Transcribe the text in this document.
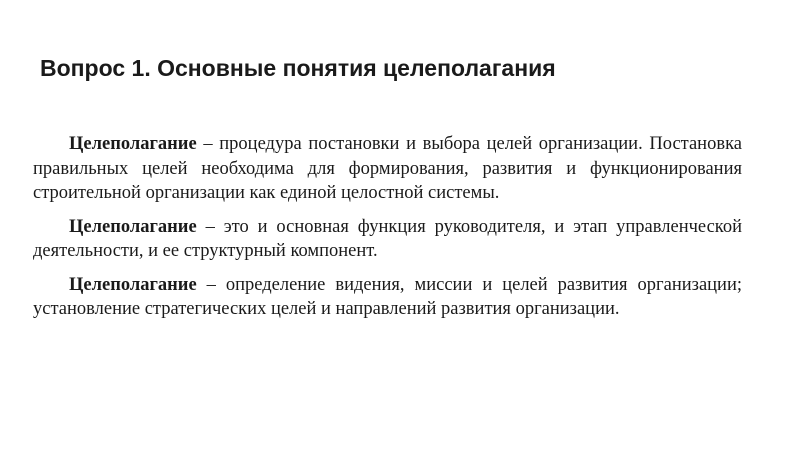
Вопрос 1. Основные понятия целеполагания

Целеполагание – процедура постановки и выбора целей организации. Постановка правильных целей необходима для формирования, развития и функционирования строительной организации как единой целостной системы.

Целеполагание – это и основная функция руководителя, и этап управленческой деятельности, и ее структурный компонент.

Целеполагание – определение видения, миссии и целей развития организации; установление стратегических целей и направлений развития организации.
